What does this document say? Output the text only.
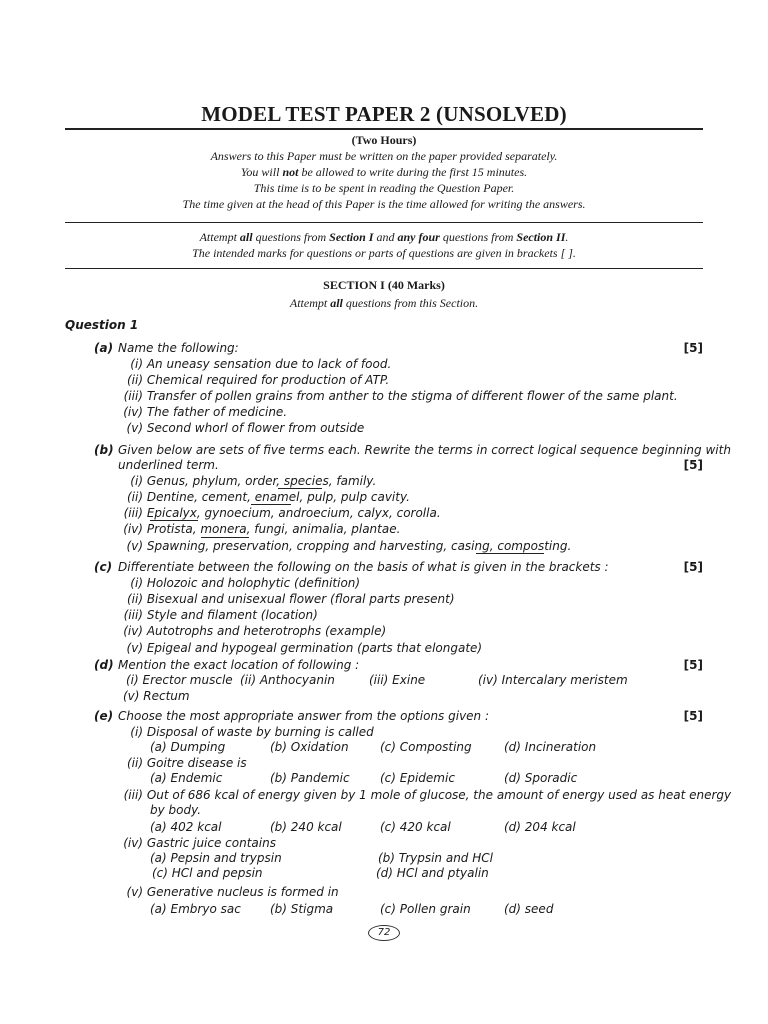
MODEL TEST PAPER 2 (UNSOLVED)
(Two Hours)
Answers to this Paper must be written on the paper provided separately.
You will not be allowed to write during the first 15 minutes.
This time is to be spent in reading the Question Paper.
The time given at the head of this Paper is the time allowed for writing the answers.
Attempt all questions from Section I and any four questions from Section II.
The intended marks for questions or parts of questions are given in brackets [ ].
SECTION I (40 Marks)
Attempt all questions from this Section.
Question 1
(a) Name the following:	[5]
(i) An uneasy sensation due to lack of food.
(ii) Chemical required for production of ATP.
(iii) Transfer of pollen grains from anther to the stigma of different flower of the same plant.
(iv) The father of medicine.
(v) Second whorl of flower from outside
(b) Given below are sets of five terms each. Rewrite the terms in correct logical sequence beginning with
underlined term.	[5]
(i) Genus, phylum, order, species, family.
(ii) Dentine, cement, enamel, pulp, pulp cavity.
(iii) Epicalyx, gynoecium, androecium, calyx, corolla.
(iv) Protista, monera, fungi, animalia, plantae.
(v) Spawning, preservation, cropping and harvesting, casing, composting.
(c) Differentiate between the following on the basis of what is given in the brackets :	[5]
(i) Holozoic and holophytic (definition)
(ii) Bisexual and unisexual flower (floral parts present)
(iii) Style and filament (location)
(iv) Autotrophs and heterotrophs (example)
(v) Epigeal and hypogeal germination (parts that elongate)
(d) Mention the exact location of following :	[5]
(i) Erector muscle (ii) Anthocyanin	(iii) Exine	(iv) Intercalary meristem
(v) Rectum
(e) Choose the most appropriate answer from the options given :	[5]
(i) Disposal of waste by burning is called
(a) Dumping	(b) Oxidation	(c) Composting	(d) Incineration
(ii) Goitre disease is
(a) Endemic	(b) Pandemic	(c) Epidemic	(d) Sporadic
(iii) Out of 686 kcal of energy given by 1 mole of glucose, the amount of energy used as heat energy
by body.
(a) 402 kcal	(b) 240 kcal	(c) 420 kcal	(d) 204 kcal
(iv) Gastric juice contains
(a) Pepsin and trypsin	(b) Trypsin and HCl
(c) HCl and pepsin	(d) HCl and ptyalin
(v) Generative nucleus is formed in
(a) Embryo sac (b) Stigma	(c) Pollen grain	(d) seed
72
